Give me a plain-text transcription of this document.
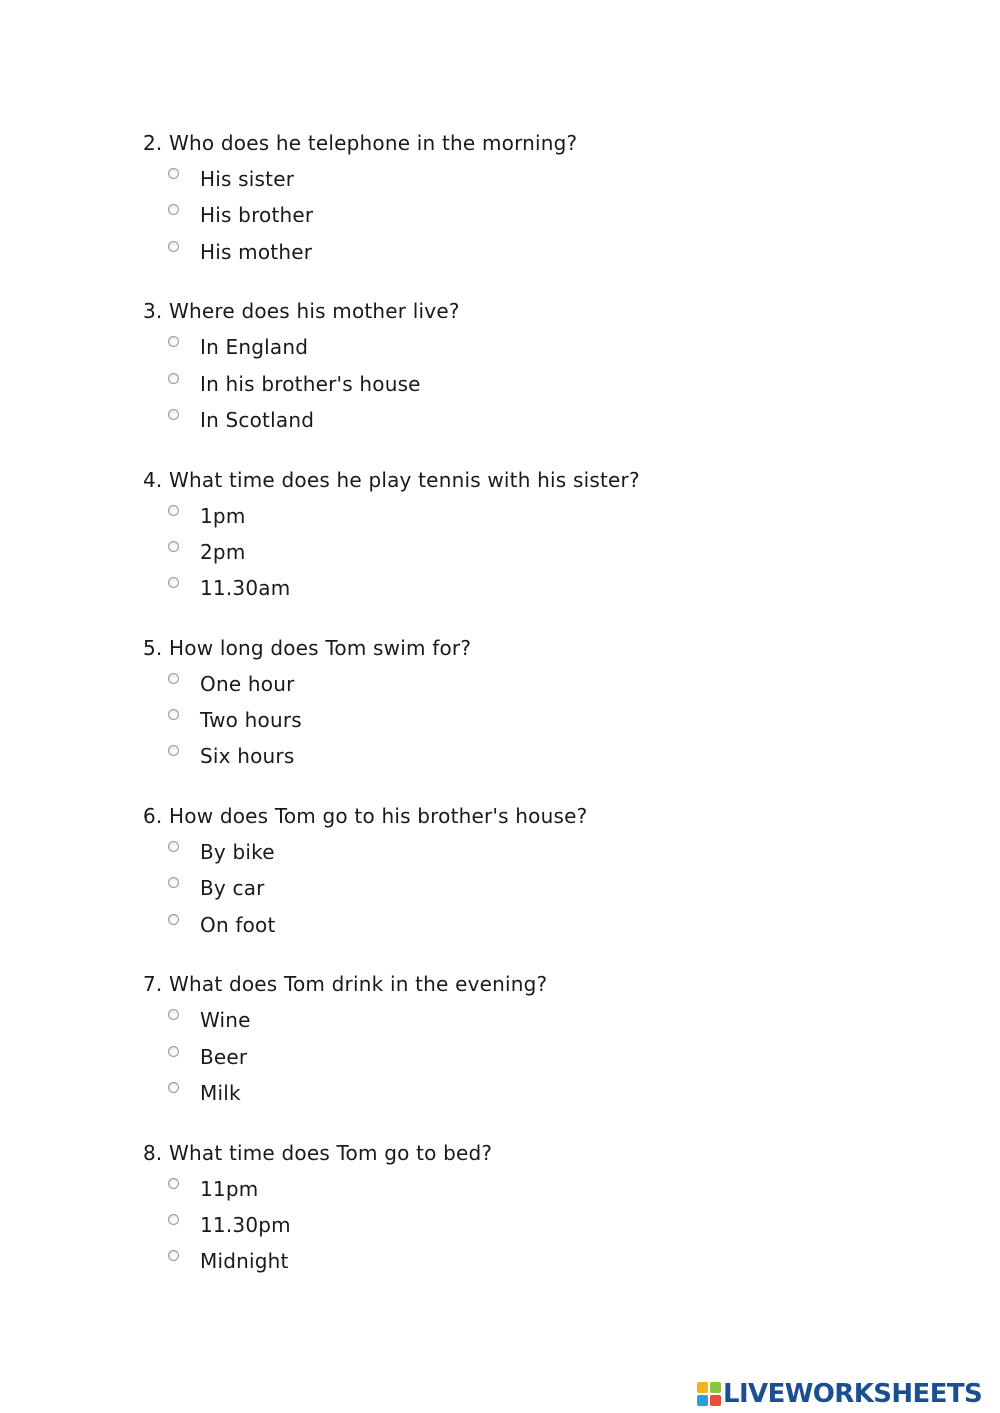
2. Who does he telephone in the morning?

His sister
His brother
His mother

3. Where does his mother live?

In England
In his brother's house
In Scotland

4. What time does he play tennis with his sister?

1pm
2pm
11.30am

5. How long does Tom swim for?

One hour
Two hours
Six hours

6. How does Tom go to his brother's house?

By bike
By car
On foot

7. What does Tom drink in the evening?

Wine
Beer
Milk

8. What time does Tom go to bed?

11pm
11.30pm
Midnight
LIVEWORKSHEETS
